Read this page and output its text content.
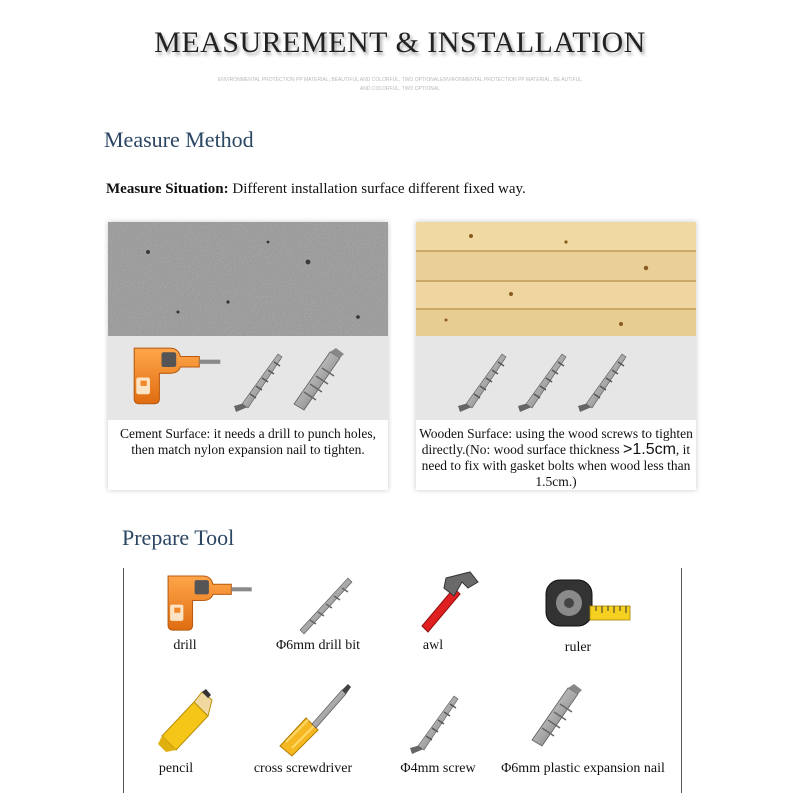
MEASUREMENT & INSTALLATION
ENVIRONMENTAL PROTECTION PP MATERIAL, BEAUTIFUL AND COLORFUL, TWO OPTIONALENVIRONMENTAL PROTECTION PP MATERIAL, BE AUTIFUL AND COLORFUL, TWO OPTIONAL
Measure Method
Measure Situation: Different installation surface different fixed way.
Cement Surface: it needs a drill to punch holes, then match nylon expansion nail to tighten.
Wooden Surface: using the wood screws to tighten directly.(No: wood surface thickness >1.5cm, it need to fix with gasket bolts when wood less than 1.5cm.)
Prepare Tool
drill	Φ6mm drill bit	awl	ruler
pencil	cross screwdriver	Φ4mm screw	Φ6mm plastic expansion nail
